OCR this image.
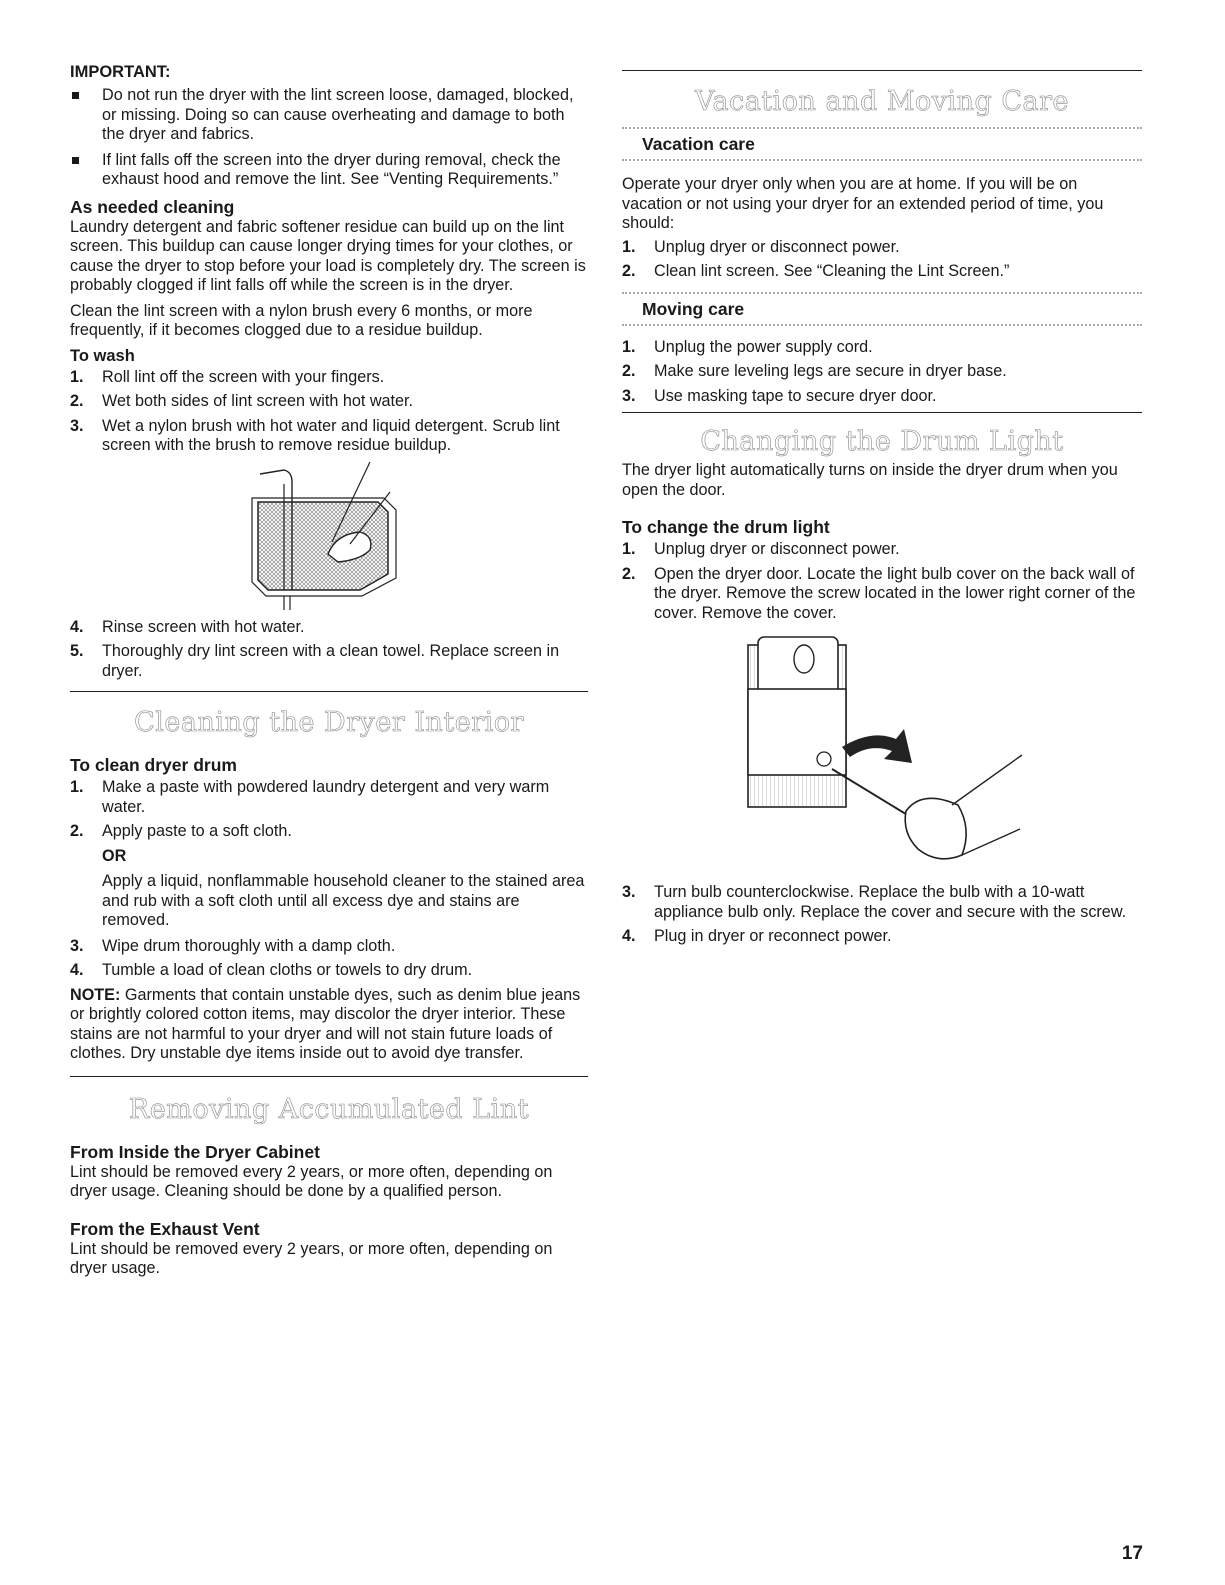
IMPORTANT:

Do not run the dryer with the lint screen loose, damaged, blocked, or missing. Doing so can cause overheating and damage to both the dryer and fabrics.
If lint falls off the screen into the dryer during removal, check the exhaust hood and remove the lint. See “Venting Requirements.”
As needed cleaning

Laundry detergent and fabric softener residue can build up on the lint screen. This buildup can cause longer drying times for your clothes, or cause the dryer to stop before your load is completely dry. The screen is probably clogged if lint falls off while the screen is in the dryer.

Clean the lint screen with a nylon brush every 6 months, or more frequently, if it becomes clogged due to a residue buildup.

To wash

1. Roll lint off the screen with your fingers.
2. Wet both sides of lint screen with hot water.
3. Wet a nylon brush with hot water and liquid detergent. Scrub lint screen with the brush to remove residue buildup.
4. Rinse screen with hot water.
5. Thoroughly dry lint screen with a clean towel. Replace screen in dryer.
Cleaning the Dryer Interior
To clean dryer drum
1. Make a paste with powdered laundry detergent and very warm water.
2. Apply paste to a soft cloth.

OR

Apply a liquid, nonflammable household cleaner to the stained area and rub with a soft cloth until all excess dye and stains are removed.

3. Wipe drum thoroughly with a damp cloth.
4. Tumble a load of clean cloths or towels to dry drum.

NOTE: Garments that contain unstable dyes, such as denim blue jeans or brightly colored cotton items, may discolor the dryer interior. These stains are not harmful to your dryer and will not stain future loads of clothes. Dry unstable dye items inside out to avoid dye transfer.

Removing Accumulated Lint
From Inside the Dryer Cabinet

Lint should be removed every 2 years, or more often, depending on dryer usage. Cleaning should be done by a qualified person.

From the Exhaust Vent

Lint should be removed every 2 years, or more often, depending on dryer usage.

Vacation and Moving Care
Vacation care

Operate your dryer only when you are at home. If you will be on vacation or not using your dryer for an extended period of time, you should:

1. Unplug dryer or disconnect power.
2. Clean lint screen. See “Cleaning the Lint Screen.”
Moving care
1. Unplug the power supply cord.
2. Make sure leveling legs are secure in dryer base.
3. Use masking tape to secure dryer door.
Changing the Drum Light

The dryer light automatically turns on inside the dryer drum when you open the door.

To change the drum light
1. Unplug dryer or disconnect power.
2. Open the dryer door. Locate the light bulb cover on the back wall of the dryer. Remove the screw located in the lower right corner of the cover. Remove the cover.
3. Turn bulb counterclockwise. Replace the bulb with a 10-watt appliance bulb only. Replace the cover and secure with the screw.
4. Plug in dryer or reconnect power.
17
